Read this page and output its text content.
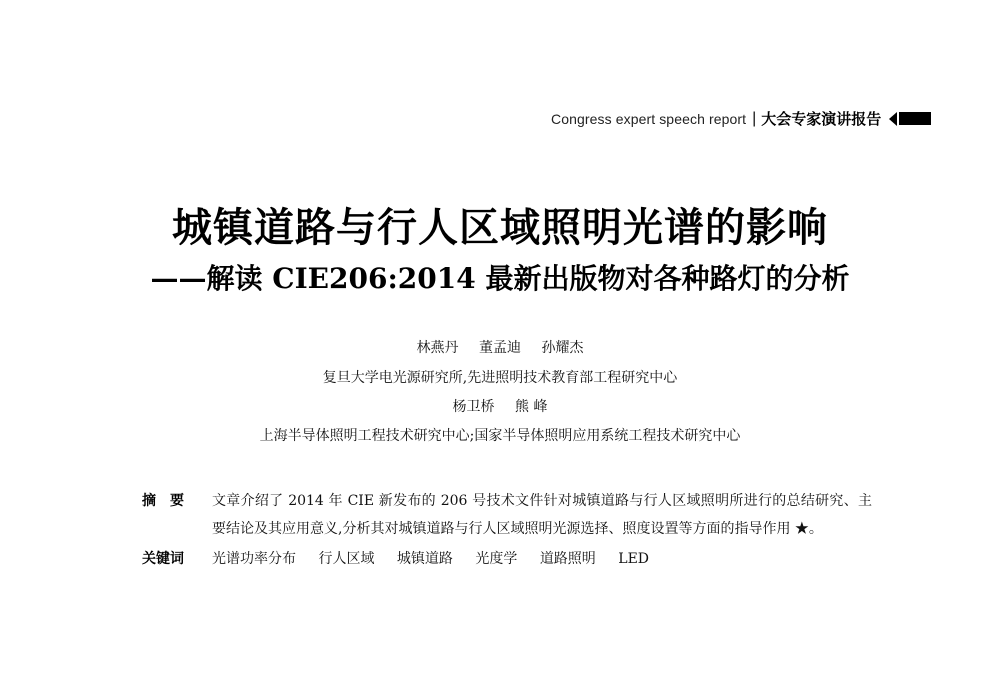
Congress expert speech report | 大会专家演讲报告
城镇道路与行人区域照明光谱的影响
——解读 CIE206:2014 最新出版物对各种路灯的分析
林燕丹 董孟迪 孙耀杰
复旦大学电光源研究所,先进照明技术教育部工程研究中心
杨卫桥 熊 峰
上海半导体照明工程技术研究中心;国家半导体照明应用系统工程技术研究中心
摘要	文章介绍了 2014 年 CIE 新发布的 206 号技术文件针对城镇道路与行人区域照明所进行的总结研究、主要结论及其应用意义,分析其对城镇道路与行人区域照明光源选择、照度设置等方面的指导作用 ★。
关键词	光谱功率分布 行人区域 城镇道路 光度学 道路照明 LED
